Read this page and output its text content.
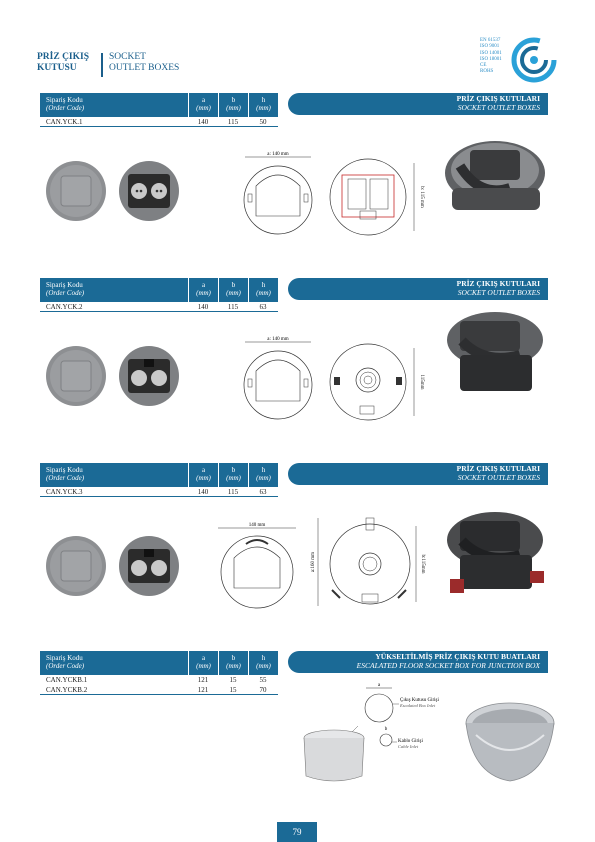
PRİZ ÇIKIŞ
KUTUSU
SOCKET
OUTLET BOXES
EN 61537
ISO 9001
ISO 14001
ISO 18001
CE
ROHS
Sipariş Kodu
(Order Code)
a
(mm)
b
(mm)
h
(mm)
CAN.YCK.1	140	115	50
PRİZ ÇIKIŞ KUTULARI
SOCKET OUTLET BOXES
a: 140 mm
b: 115 mm
Sipariş Kodu
(Order Code)
a
(mm)
b
(mm)
h
(mm)
CAN.YCK.2	140	115	63
PRİZ ÇIKIŞ KUTULARI
SOCKET OUTLET BOXES
a: 140 mm
115mm
Sipariş Kodu
(Order Code)
a
(mm)
b
(mm)
h
(mm)
CAN.YCK.3	140	115	63
PRİZ ÇIKIŞ KUTULARI
SOCKET OUTLET BOXES
140 mm
a:160 mm	b:115mm
Sipariş Kodu
(Order Code)
a
(mm)
b
(mm)
h
(mm)
CAN.YCKB.1	121	15	55
CAN.YCKB.2	121	15	70
YÜKSELTİLMİŞ PRİZ ÇIKIŞ KUTU BUATLARI
ESCALATED FLOOR SOCKET BOX FOR JUNCTION BOX
a
Çıkış Kutusu Girişi
Escalated Box Inlet
b
Kablo Girişi
Cable Inlet
79
